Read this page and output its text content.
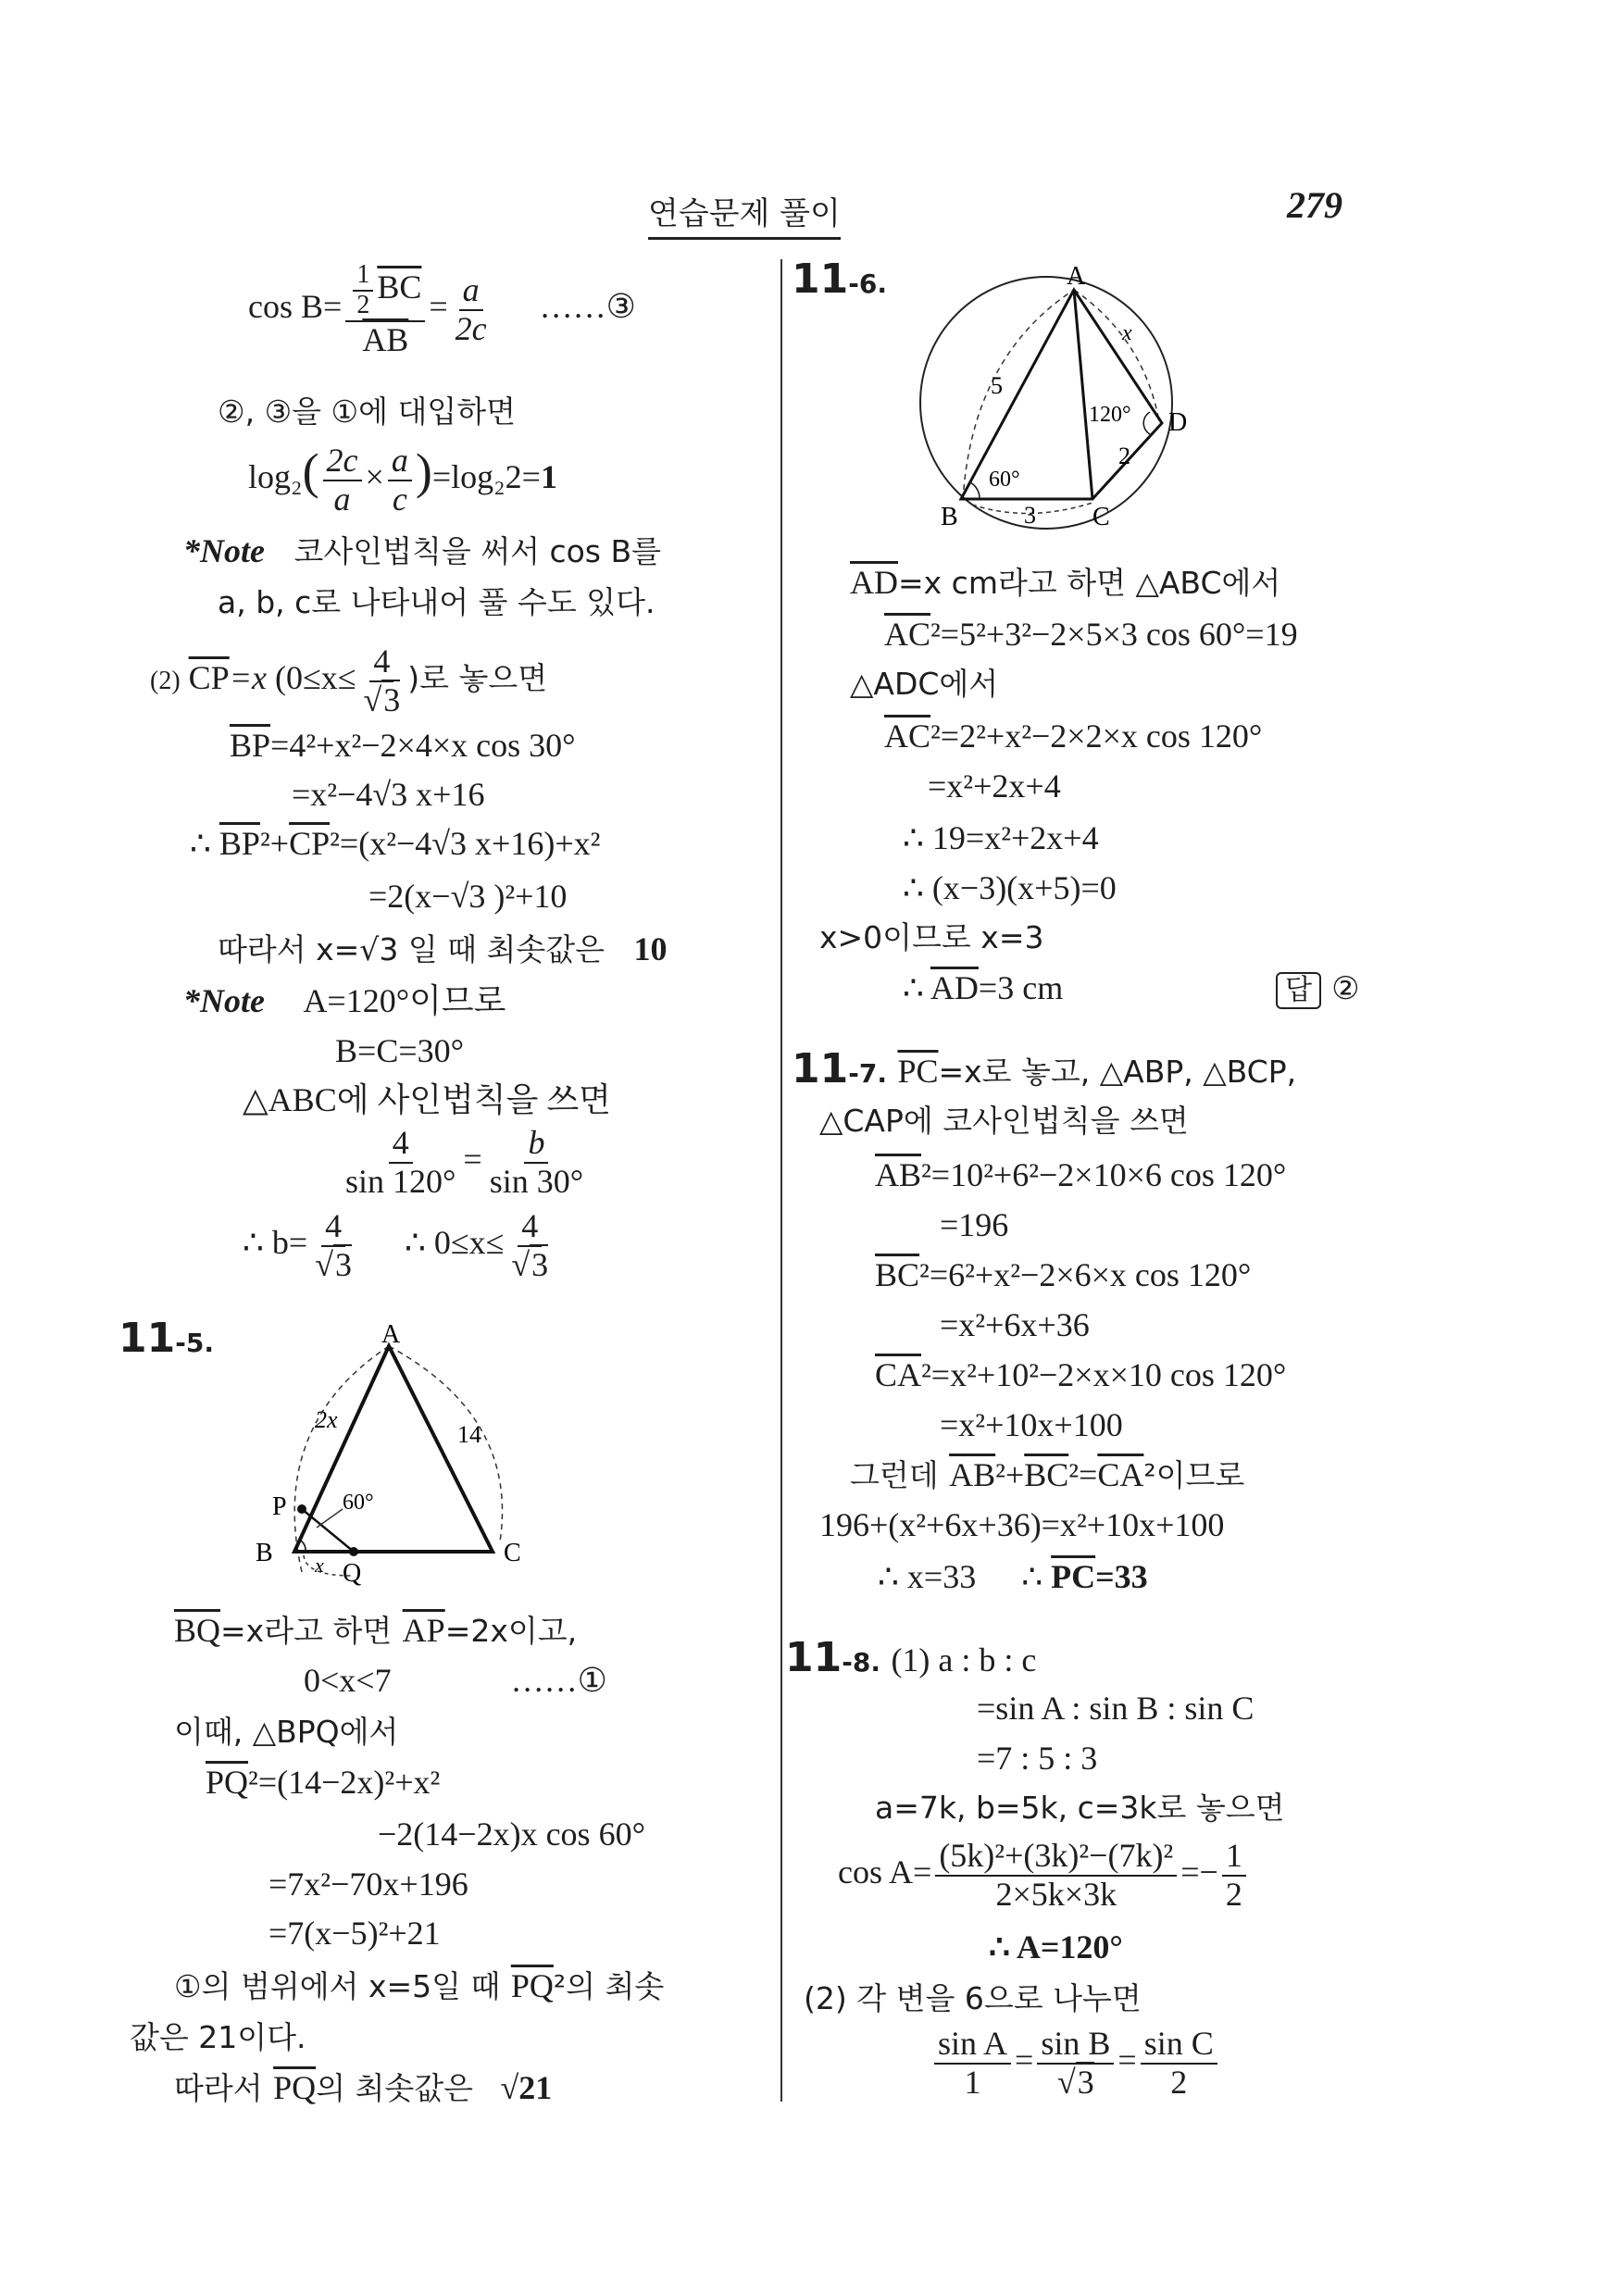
연습문제 풀이	279
$\cos B= \frac{\frac{1}{2} \overline{BC}}{AB} = \frac{a}{2c}$ ……③
②, ③을 ①에 대입하면
$\log_2( \frac{2c}{a} \times \frac{a}{c} )=\log_22=1$
*Note 코사인법칙을 써서 cos B를
a, b, c로 나타내어 풀 수도 있다.
(2) $\overline{CP}=x$ ($0\le x\le \frac{4}{√3}$ )로 놓으면
$\overline{BP}=4^2+x^2-2\times 4\times x$ cos 30°
=x²−4√3 x+16
∴ $\overline{BP}^2+\overline{CP}^2=(x^2-4√3$ x+16)+x²
=2(x−√3 )²+10
따라서 x=√3 일 때 최솟값은 10
*Note A=120°이므로
B=C=30°
△ABC에 사인법칙을 쓰면
$\frac{4}{\sin 120^\circ} = \frac{b}{\sin 30^\circ}$
∴ $b= \frac{4}{√3}$ ∴ $0\le x\le \frac{4}{√3}$
11-5.	A
B	C
P
Q
2x
14
60°
x
$\overline{BQ}=x$라고 하면 $\overline{AP}=2x$이고,
0<x<7	……①
이때, △BPQ에서
$\overline{PQ}^2=(14-2x)^2+x^2$
−2(14−2x)x cos 60°
=7x²−70x+196
=7(x−5)²+21
①의 범위에서 x=5일 때 $\overline{PQ}^2$의 최솟
값은 21이다.
따라서 $\overline{PQ}$의 최솟값은 √21
11-6.	A
B	C
D
5
3
2
x
120°
60°
$\overline{AD}=x$ cm라고 하면 △ABC에서
$\overline{AC}^2=5^2+3^2-2\times 5\times 3$ cos 60°=19
△ADC에서
$\overline{AC}^2=2^2+x^2-2\times 2\times x$ cos 120°
=x²+2x+4
∴ 19=x²+2x+4
∴ (x−3)(x+5)=0
x>0이므로 x=3
∴ $\overline{AD}=3$ cm	답 ②
11-7. $\overline{PC}=x$로 놓고, △ABP, △BCP,
△CAP에 코사인법칙을 쓰면
$\overline{AB}^2=10^2+6^2-2\times 10\times 6$ cos 120°
=196
$\overline{BC}^2=6^2+x^2-2\times 6\times x$ cos 120°
=x²+6x+36
$\overline{CA}^2=x^2+10^2-2\times x\times 10$ cos 120°
=x²+10x+100
그런데 $\overline{AB}^2+\overline{BC}^2=\overline{CA}^2$이므로
196+(x²+6x+36)=x²+10x+100
∴ x=33 ∴ $\overline{PC}=33$
11-8. (1) a : b : c
=sin A : sin B : sin C
=7 : 5 : 3
a=7k, b=5k, c=3k로 놓으면
$\cos A= \frac{\text{(5k)²+(3k)²−(7k)²}}{2\times 5k\times 3k} =- \frac{1}{2}$
∴ A=120°
(2) 각 변을 6으로 나누면
$\frac{\text{sin A}}{1} = \frac{\text{sin B}}{√3} = \frac{\text{sin C}}{2}$
